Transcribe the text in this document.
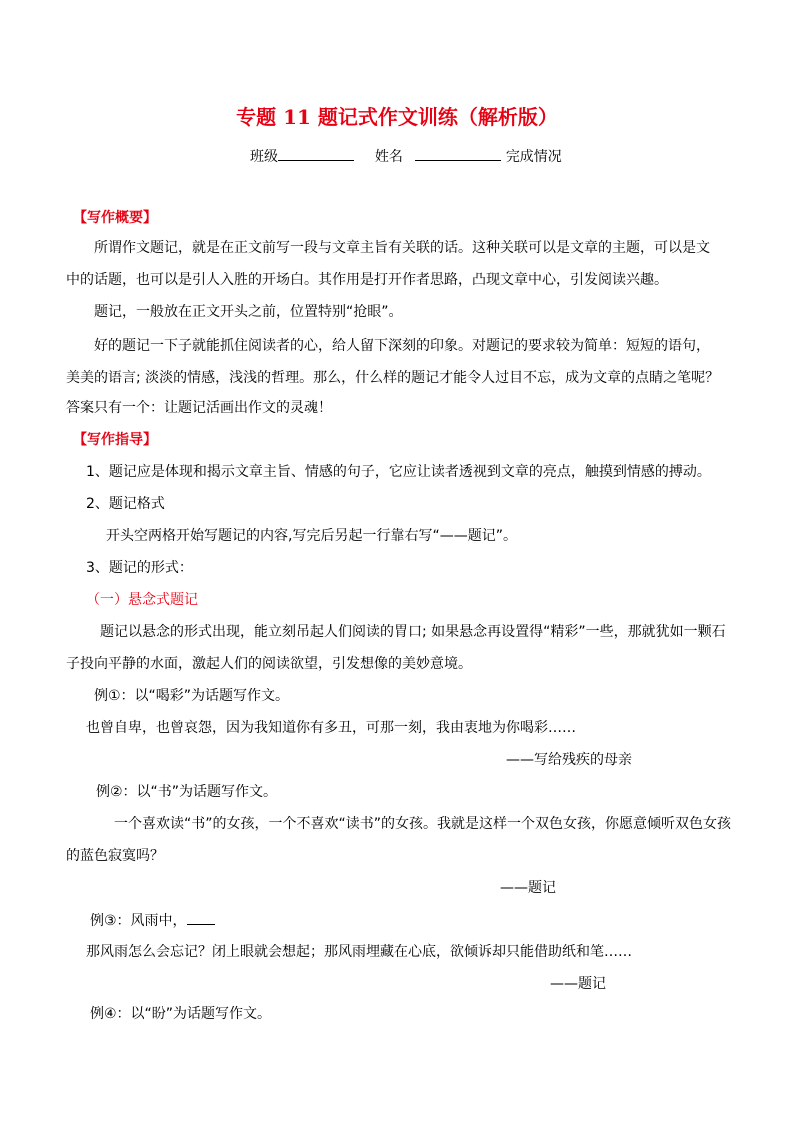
专题 11 题记式作文训练（解析版）
班级	姓名	完成情况
【写作概要】
所谓作文题记，就是在正文前写一段与文章主旨有关联的话。这种关联可以是文章的主题，可以是文
中的话题，也可以是引人入胜的开场白。其作用是打开作者思路，凸现文章中心，引发阅读兴趣。
题记，一般放在正文开头之前，位置特别“抢眼”。
好的题记一下子就能抓住阅读者的心，给人留下深刻的印象。对题记的要求较为简单：短短的语句，
美美的语言; 淡淡的情感，浅浅的哲理。那么，什么样的题记才能令人过目不忘，成为文章的点睛之笔呢？
答案只有一个：让题记活画出作文的灵魂！
【写作指导】
1、题记应是体现和揭示文章主旨、情感的句子，它应让读者透视到文章的亮点，触摸到情感的搏动。
2、题记格式
开头空两格开始写题记的内容,写完后另起一行靠右写“——题记”。
3、题记的形式：
（一）悬念式题记
题记以悬念的形式出现，能立刻吊起人们阅读的胃口; 如果悬念再设置得“精彩”一些，那就犹如一颗石
子投向平静的水面，激起人们的阅读欲望，引发想像的美妙意境。
例①：以“喝彩”为话题写作文。
也曾自卑，也曾哀怨，因为我知道你有多丑，可那一刻，我由衷地为你喝彩……
——写给残疾的母亲
例②：以“书”为话题写作文。
一个喜欢读“书”的女孩，一个不喜欢“读书”的女孩。我就是这样一个双色女孩，你愿意倾听双色女孩
的蓝色寂寞吗？
——题记
例③：风雨中，
那风雨怎么会忘记？闭上眼就会想起；那风雨埋藏在心底，欲倾诉却只能借助纸和笔……
——题记
例④：以“盼”为话题写作文。
